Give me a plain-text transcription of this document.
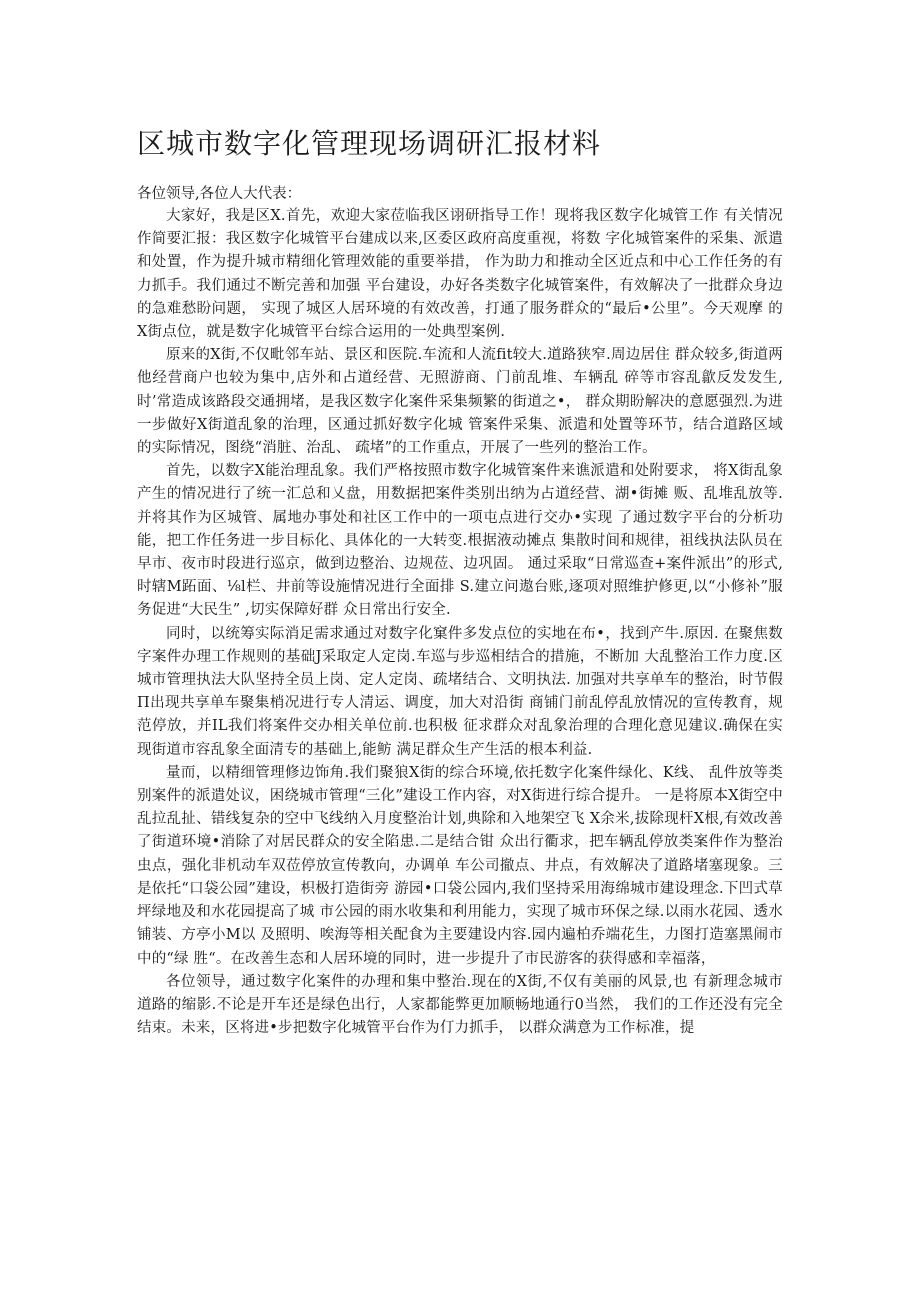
区城市数字化管理现场调研汇报材料

各位领导,各位人大代表：

大家好，我是区X.首先，欢迎大家莅临我区诩研指导工作！现将我区数字化城管工作 有关情况作简要汇报：我区数字化城管平台建成以来,区委区政府高度重视，将数 字化城管案件的采集、派遣和处置，作为提升城市精细化管理效能的重要举措， 作为助力和推动全区近点和中心工作任务的有力抓手。我们通过不断完善和加强 平台建设，办好各类数字化城管案件，有效解决了一批群众身边的急难愁盼问题， 实现了城区人居环境的有效改善，打通了服务群众的“最后•公里”。今天观摩 的X街点位，就是数字化城管平台综合运用的一处典型案例.

原来的X街,不仅毗邻车站、景区和医院.车流和人流fit较大.道路狭窄.周边居住 群众较多,街道两他经营商户也较为集中,店外和占道经营、无照游商、门前乱堆、车辆乱 碎等市容乱歙反发发生,时’常造成该路段交通拥堵，是我区数字化案件采集频繁的街道之•， 群众期盼解决的意愿强烈.为进一步做好X街道乱象的治理，区通过抓好数字化城 管案件采集、派遣和处置等环节，结合道路区域的实际情况，图绕“消脏、治乱、 疏堵”的工作重点，开展了一些列的整治工作。

首先，以数字X能治理乱象。我们严格按照市数字化城管案件来谯派遣和处附要求， 将X街乱象产生的情况进行了统一汇总和乂盘，用数据把案件类别出纳为占道经营、湖•街摊 贩、乱堆乱放等.并将其作为区城管、属地办事处和社区工作中的一项屯点进行交办•实现 了通过数字平台的分析功能，把工作任务进一步目标化、具体化的一大转变.根据液动摊点 集散时间和规律，祖线执法队员在早市、夜市时段进行巡京，做到边整治、边规莅、边巩固。 通过采取“日常巡查+案件派出”的形式,时辖M跖面、⅛l栏、井前等设施情况进行全面排 S.建立问遨台账,逐项对照维护修更,以“小修补”服务促进“大民生” ,切实保障好群 众日常出行安全.

同时，以统筹实际消足需求通过对数字化窠件多发点位的实地在布•，找到产牛.原因. 在聚焦数字案件办理工作规则的基础J采取定人定岗.车巡与步巡相结合的措施，不断加 大乱整治工作力度.区城市管理执法大队坚持全员上岗、定人定岗、疏堵结合、文明执法. 加强对共享单车的整治，时节假Π出现共享单车聚集梢况进行专人清运、调度，加大对沿街 商铺门前乱停乱放情况的宣传教育，规范停放，并IL我们将案件交办相关单位前.也积极 征求群众对乱象治理的合理化意见建议.确保在实现街道市容乱象全面清专的基础上,能鲂 满足群众生产生活的根本利益.

量而，以精细管理修边饰角.我们聚狼X街的综合环境,依托数字化案件绿化、K线、 乱件放等类别案件的派遣处议，困绕城市管理“三化”建设工作内容，对X街进行综合提升。 一是将原本X街空中乱拉乱扯、错线复杂的空中飞线纳入月度整治计划,典除和入地架空飞 X余米,拔除现杆X根,有效改善了街道环境•消除了对居民群众的安全陷患.二是结合钳 众出行衢求，把车辆乱停放类案件作为整治虫点，强化非机动车双莅停放宣传教向，办调单 车公司撤点、井点，有效解决了道路堵塞现象。三是依托“口袋公园”建设，枳极打造街旁 游园•口袋公园内,我们坚持采用海绵城市建设理念.下凹式草坪绿地及和水花园提高了城 市公园的雨水收集和利用能力，实现了城市环保之绿.以雨水花园、透水铺装、方亭小M以 及照明、唉海等相关配食为主要建设内容.园内遍柏乔端花生，力图打造塞黑闹市中的“绿 胜“。在改善生态和人居环境的同时，进一步提升了市民游客的获得感和幸福落，

各位领导，通过数字化案件的办理和集中整治.现在的X街,不仅有美丽的风景,也 有新理念城市道路的缩影.不论是开车还是绿色出行，人家都能弊更加顺畅地通行0当然， 我们的工作还没有完全结束。未来，区将进•步把数字化城管平台作为仃力抓手， 以群众满意为工作标准，提
